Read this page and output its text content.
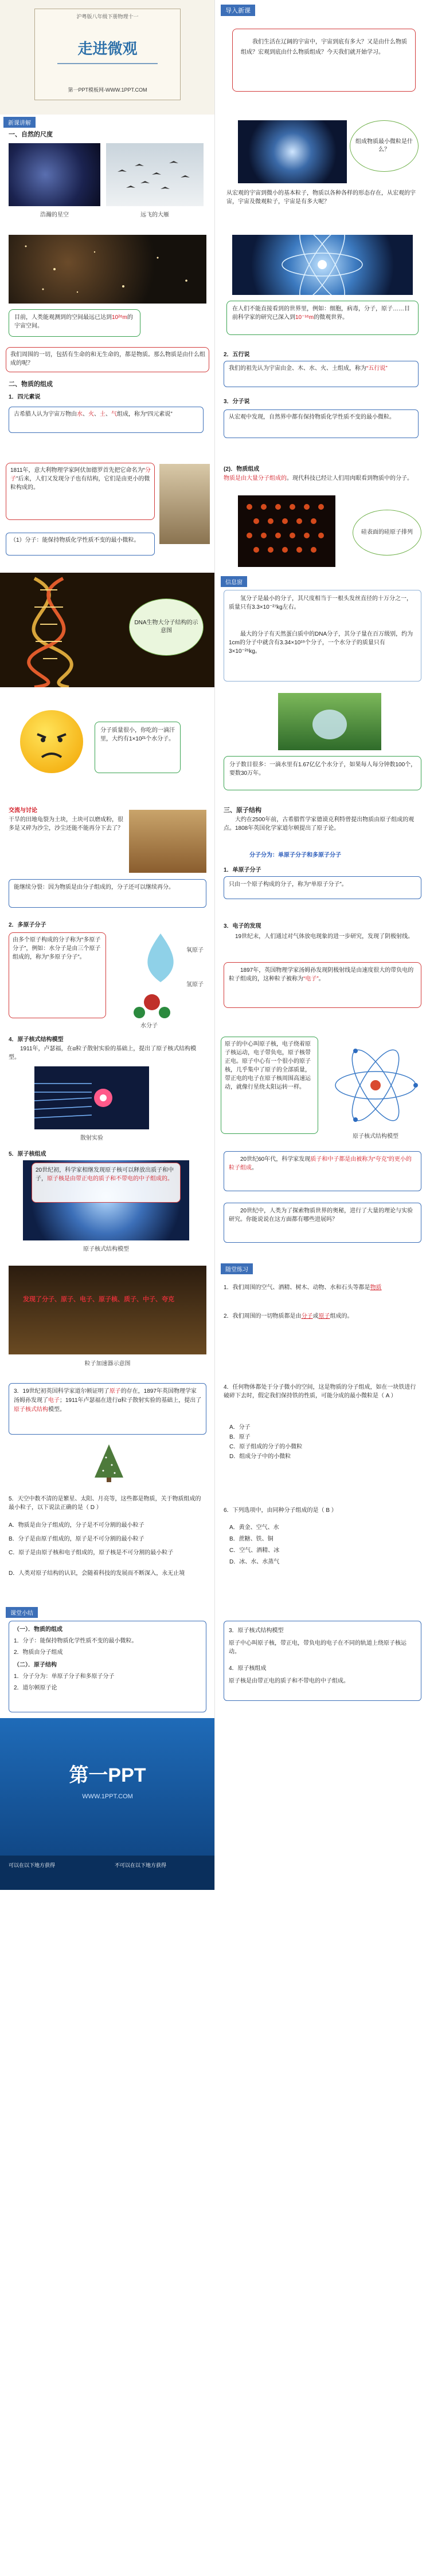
沪粤版八年级下册物理十一
走进微观
第一PPT模板网-WWW.1PPT.COM
导入新课
我们生活在辽阔的宇宙中，宇宙到底有多大？又是由什么物质组成？宏观到底由什么物质组成？今天我们就开始学习。
新课讲解
一、自然的尺度
浩瀚的星空	远飞的大雁
组成物质最小微粒是什么？
从宏观的宇宙到微小的基本粒子，物质以各种各样的形态存在，从宏观的宇宙，宇宙及微观粒子，宇宙是有多大呢？
目前，人类能观测到的空间最远已达到10²⁶m的宇宙空间。
在人们不能直接看到的世界里，例如：细胞，病毒，分子，原子……目前科学家的研究已深入到10⁻¹⁶m的微观世界。
我们周围的一切，包括有生命的和无生命的，都是物质。那么物质是由什么组成的呢？
二、物质的组成
1．四元素说
古希腊人认为宇宙万物由水、火、土、气组成，称为“四元素说”
2．五行说
我们的祖先认为宇宙由金、木、水、火、土组成，称为“五行说”
3．分子说
从宏观中发现，自然界中都有保持物质化学性质不变的最小微粒。
1811年，意大利物理学家阿伏加德罗首先把它命名为“分子”后来，人们又发现分子也有结构，它们是由更小的微粒构成的。
（1）分子：能保持物质化学性质不变的最小微粒。
(2)．物质组成
物质是由大量分子组成的。现代科技已经让人们用肉眼看到物质中的分子。
硅表面的硅原子排列
DNA生物大分子结构的示意图
信息窗
氢分子是最小的分子，其尺度相当于一根头发丝直径的十万分之一，质量只有3.3×10⁻²⁷kg左右。
最大的分子有天然蛋白质中的DNA分子，其分子量在百万级别，约为1cm的分子中就含有3.34×10¹⁹个分子，一个水分子的质量只有3×10⁻²⁶kg。
分子质量很小，你吃的一滴汗里，大约有1×10²¹个水分子。
分子数目很多：一滴水里有1.67亿亿个水分子，如果每人每分钟数100个，要数30万年。
交流与讨论
干旱的田地龟裂为土块，土块可以磨成粉，很多是又碎为沙尘，沙尘还能不能再分下去了？
能继续分裂：因为物质是由分子组成的，分子还可以继续再分。
三、原子结构
大约在2500年前，古希腊哲学家德谟克利特曾提出物质由原子组成的观点。1808年英国化学家道尔顿提出了原子论。
分子分为：单原子分子和多原子分子
1．单原子分子
只由一个原子构成的分子，称为“单原子分子”。
2．多原子分子
由多个原子构成的分子称为“多原子分子”，例如：水分子是由三个原子组成的，称为“多原子分子”。
氧原子
氢原子
水分子
3．电子的发现
19世纪末，人们通过对气体放电现象的进一步研究，发现了阴极射线。
1897年，英国物理学家汤姆孙发现阴极射线是由速度很大的带负电的粒子组成的，这种粒子被称为“电子”。
4．原子核式结构模型
1911年，卢瑟福，在α粒子散射实验的基础上，提出了原子核式结构模型。
散射实验
原子的中心叫原子核，电子绕着原子核运动，电子带负电，原子核带正电。原子中心有一个很小的原子核，几乎集中了原子的全部质量，带正电的电子在原子核周围高速运动，就像行星绕太阳运转一样。
原子核式结构模型
5．原子核组成
20世纪初，科学家相继发现原子核可以释放出质子和中子，原子核是由带正电的质子和不带电的中子组成的。
原子核式结构模型
20世纪60年代，科学家发现质子和中子都是由被称为“夸克”的更小的粒子组成。
20世纪中，人类为了探索物质世界的奥秘，进行了大量的理论与实验研究。你能说说在这方面都有哪些进展吗？
发现了分子、原子、电子、原子核、质子、中子、夸克
粒子加速器示意图
随堂练习
1．我们周围的空气、酒精、树木、动物、水和石头等都是物质
2．我们周围的一切物质都是由分子或原子组成的。
3．19世纪初英国科学家道尔顿证明了原子的存在，1897年英国物理学家汤姆孙发现了电子；1911年卢瑟福在进行α粒子散射实验的基础上，提出了原子核式结构模型。
4．任何物体都处于分子微小的空间，这是物质的分子组成，如在一块铁进行破碎下去时，假定我们保持铁的性质，可能分成的最小微粒是（ A ）
A．分子
B．原子
C．原子组成的分子的小微粒
D．组成分子中的小微粒
5．天空中数不清的是繁星、太阳、月亮等，这些都是物质，关于物质组成的最小粒子，以下说法正确的是（ D ）
A．物质是由分子组成的，分子是不可分割的最小粒子
B．分子是由原子组成的，原子是不可分割的最小粒子
C．原子是由原子核和电子组成的，原子核是不可分割的最小粒子
D．人类对原子结构的认识，会随着科技的发展而不断深入，永无止境
6．下列选项中，由同种分子组成的是（ B ）
A．黄金、空气、水
B．蔗糖、铁、铜
C．空气、酒精、冰
D．冰、水、水蒸气
课堂小结
（一）．物质的组成
1．分子：能保持物质化学性质不变的最小微粒。
2．物质由分子组成
（二）．原子结构
1．分子分为：单原子分子和多原子分子
2．道尔顿原子论
3．原子核式结构模型
原子中心叫原子核，带正电，带负电的电子在不同的轨道上绕原子核运动。
4．原子核组成
原子核是由带正电的质子和不带电的中子组成。
第一PPT
WWW.1PPT.COM
可以在以下地方获得	不可以在以下地方获得
